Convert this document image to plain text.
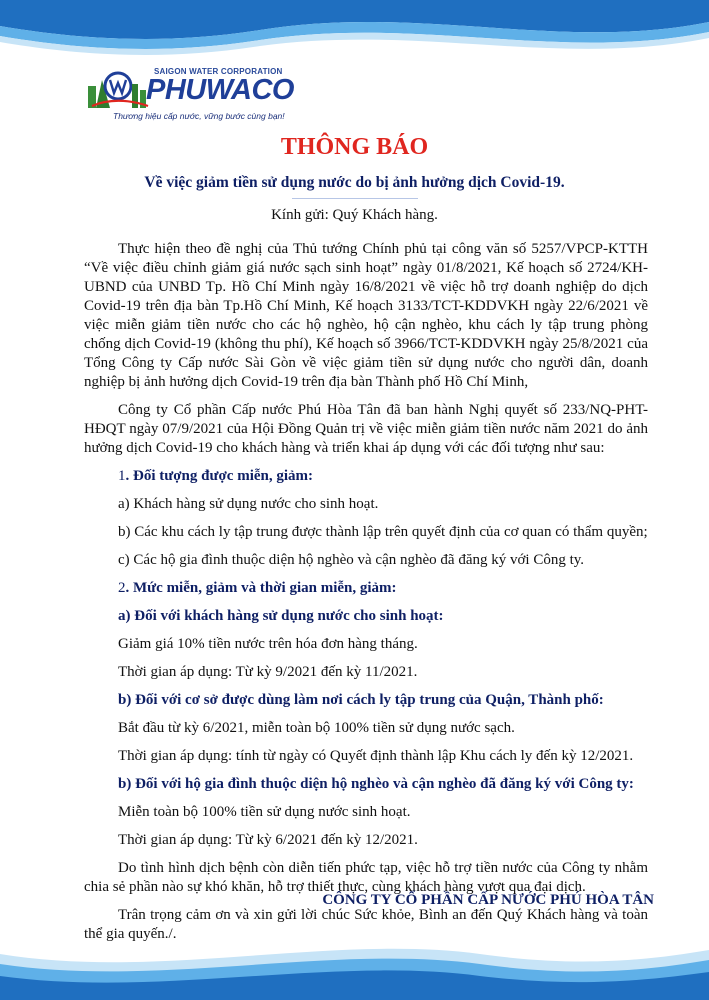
SAIGON WATER CORPORATION
PHUWACO
Thương hiệu cấp nước, vững bước cùng bạn!
THÔNG BÁO

Về việc giảm tiền sử dụng nước do bị ảnh hưởng dịch Covid-19.

Kính gửi: Quý Khách hàng.

Thực hiện theo đề nghị của Thủ tướng Chính phủ tại công văn số 5257/VPCP-KTTH “Về việc điều chỉnh giảm giá nước sạch sinh hoạt” ngày 01/8/2021, Kế hoạch số 2724/KH-UBND của UNBD Tp. Hồ Chí Minh ngày 16/8/2021 về việc hỗ trợ doanh nghiệp do dịch Covid-19 trên địa bàn Tp.Hồ Chí Minh, Kế hoạch 3133/TCT-KDDVKH ngày 22/6/2021 về việc miễn giảm tiền nước cho các hộ nghèo, hộ cận nghèo, khu cách ly tập trung phòng chống dịch Covid-19 (không thu phí), Kế hoạch số 3966/TCT-KDDVKH ngày 25/8/2021 của Tổng Công ty Cấp nước Sài Gòn về việc giảm tiền sử dụng nước cho người dân, doanh nghiệp bị ảnh hưởng dịch Covid-19 trên địa bàn Thành phố Hồ Chí Minh,

Công ty Cổ phần Cấp nước Phú Hòa Tân đã ban hành Nghị quyết số 233/NQ-PHT-HĐQT ngày 07/9/2021 của Hội Đồng Quản trị về việc miễn giảm tiền nước năm 2021 do ảnh hưởng dịch Covid-19 cho khách hàng và triển khai áp dụng với các đối tượng như sau:

1. Đối tượng được miễn, giảm:

a) Khách hàng sử dụng nước cho sinh hoạt.

b) Các khu cách ly tập trung được thành lập trên quyết định của cơ quan có thẩm quyền;

c) Các hộ gia đình thuộc diện hộ nghèo và cận nghèo đã đăng ký với Công ty.

2. Mức miễn, giảm và thời gian miễn, giảm:

a) Đối với khách hàng sử dụng nước cho sinh hoạt:

Giảm giá 10% tiền nước trên hóa đơn hàng tháng.

Thời gian áp dụng: Từ kỳ 9/2021 đến kỳ 11/2021.

b) Đối với cơ sở được dùng làm nơi cách ly tập trung của Quận, Thành phố:

Bắt đầu từ kỳ 6/2021, miễn toàn bộ 100% tiền sử dụng nước sạch.

Thời gian áp dụng: tính từ ngày có Quyết định thành lập Khu cách ly đến kỳ 12/2021.

b) Đối với hộ gia đình thuộc diện hộ nghèo và cận nghèo đã đăng ký với Công ty:

Miễn toàn bộ 100% tiền sử dụng nước sinh hoạt.

Thời gian áp dụng: Từ kỳ 6/2021 đến kỳ 12/2021.

Do tình hình dịch bệnh còn diễn tiến phức tạp, việc hỗ trợ tiền nước của Công ty nhằm chia sẻ phần nào sự khó khăn, hỗ trợ thiết thực, cùng khách hàng vượt qua đại dịch.

Trân trọng cảm ơn và xin gửi lời chúc Sức khỏe, Bình an đến Quý Khách hàng và toàn thể gia quyến./.

CÔNG TY CỔ PHẦN CẤP NƯỚC PHÚ HÒA TÂN
